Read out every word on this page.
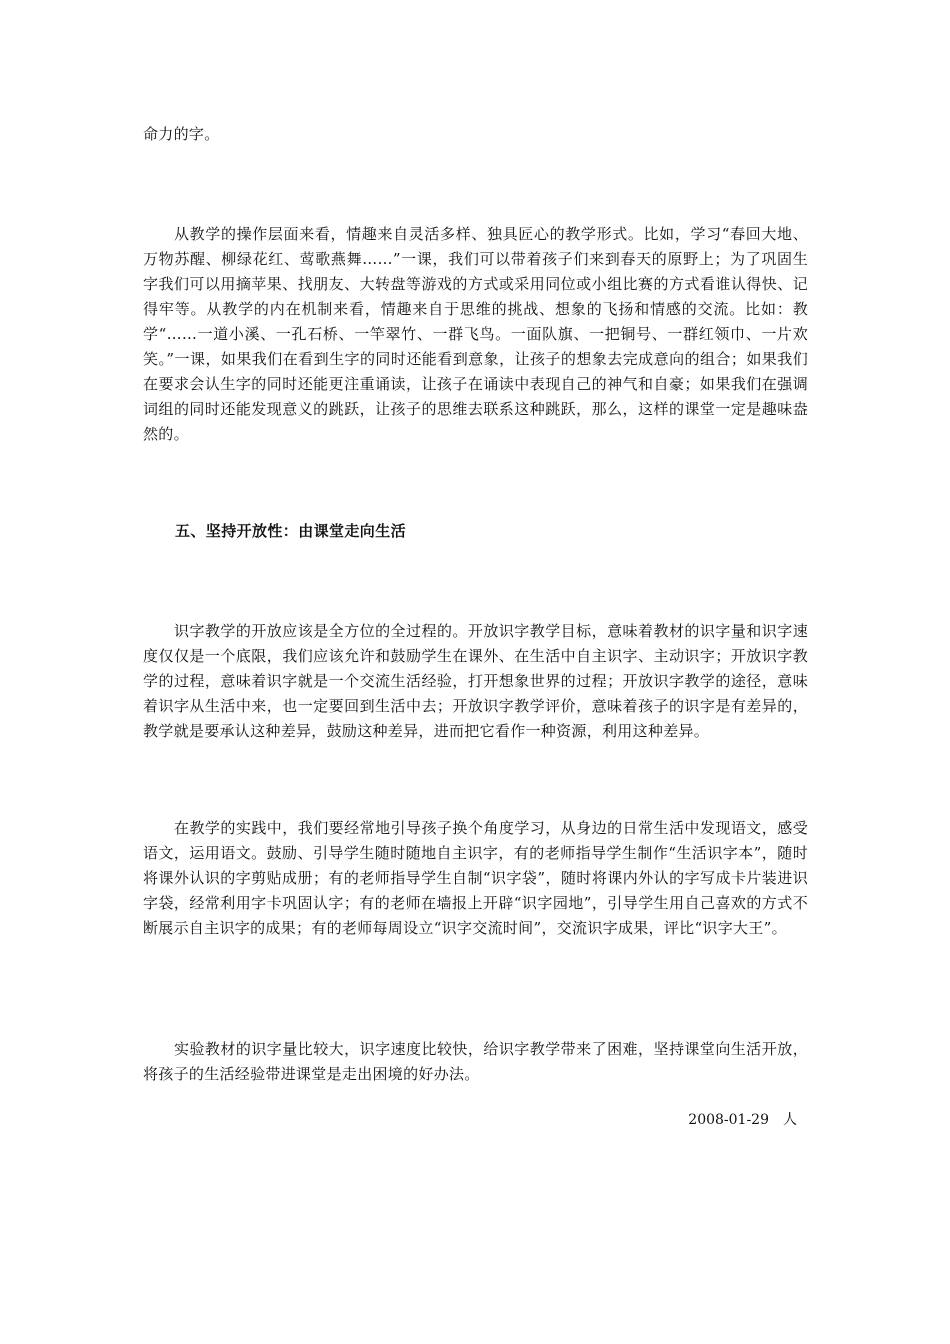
命力的字。

从教学的操作层面来看，情趣来自灵活多样、独具匠心的教学形式。比如，学习“春回大地、万物苏醒、柳绿花红、莺歌燕舞……”一课，我们可以带着孩子们来到春天的原野上；为了巩固生字我们可以用摘苹果、找朋友、大转盘等游戏的方式或采用同位或小组比赛的方式看谁认得快、记得牢等。从教学的内在机制来看，情趣来自于思维的挑战、想象的飞扬和情感的交流。比如：教学“……一道小溪、一孔石桥、一竿翠竹、一群飞鸟。一面队旗、一把铜号、一群红领巾、一片欢笑。”一课，如果我们在看到生字的同时还能看到意象，让孩子的想象去完成意向的组合；如果我们在要求会认生字的同时还能更注重诵读，让孩子在诵读中表现自己的神气和自豪；如果我们在强调词组的同时还能发现意义的跳跃，让孩子的思维去联系这种跳跃，那么，这样的课堂一定是趣味盎然的。

五、坚持开放性：由课堂走向生活

识字教学的开放应该是全方位的全过程的。开放识字教学目标，意味着教材的识字量和识字速度仅仅是一个底限，我们应该允许和鼓励学生在课外、在生活中自主识字、主动识字；开放识字教学的过程，意味着识字就是一个交流生活经验，打开想象世界的过程；开放识字教学的途径，意味着识字从生活中来，也一定要回到生活中去；开放识字教学评价，意味着孩子的识字是有差异的，教学就是要承认这种差异，鼓励这种差异，进而把它看作一种资源，利用这种差异。

在教学的实践中，我们要经常地引导孩子换个角度学习，从身边的日常生活中发现语文，感受语文，运用语文。鼓励、引导学生随时随地自主识字，有的老师指导学生制作“生活识字本”，随时将课外认识的字剪贴成册；有的老师指导学生自制“识字袋”，随时将课内外认的字写成卡片装进识字袋，经常利用字卡巩固认字；有的老师在墙报上开辟“识字园地”，引导学生用自己喜欢的方式不断展示自主识字的成果；有的老师每周设立“识字交流时间”，交流识字成果，评比“识字大王”。

实验教材的识字量比较大，识字速度比较快，给识字教学带来了困难，坚持课堂向生活开放，将孩子的生活经验带进课堂是走出困境的好办法。

2008-01-29 人
